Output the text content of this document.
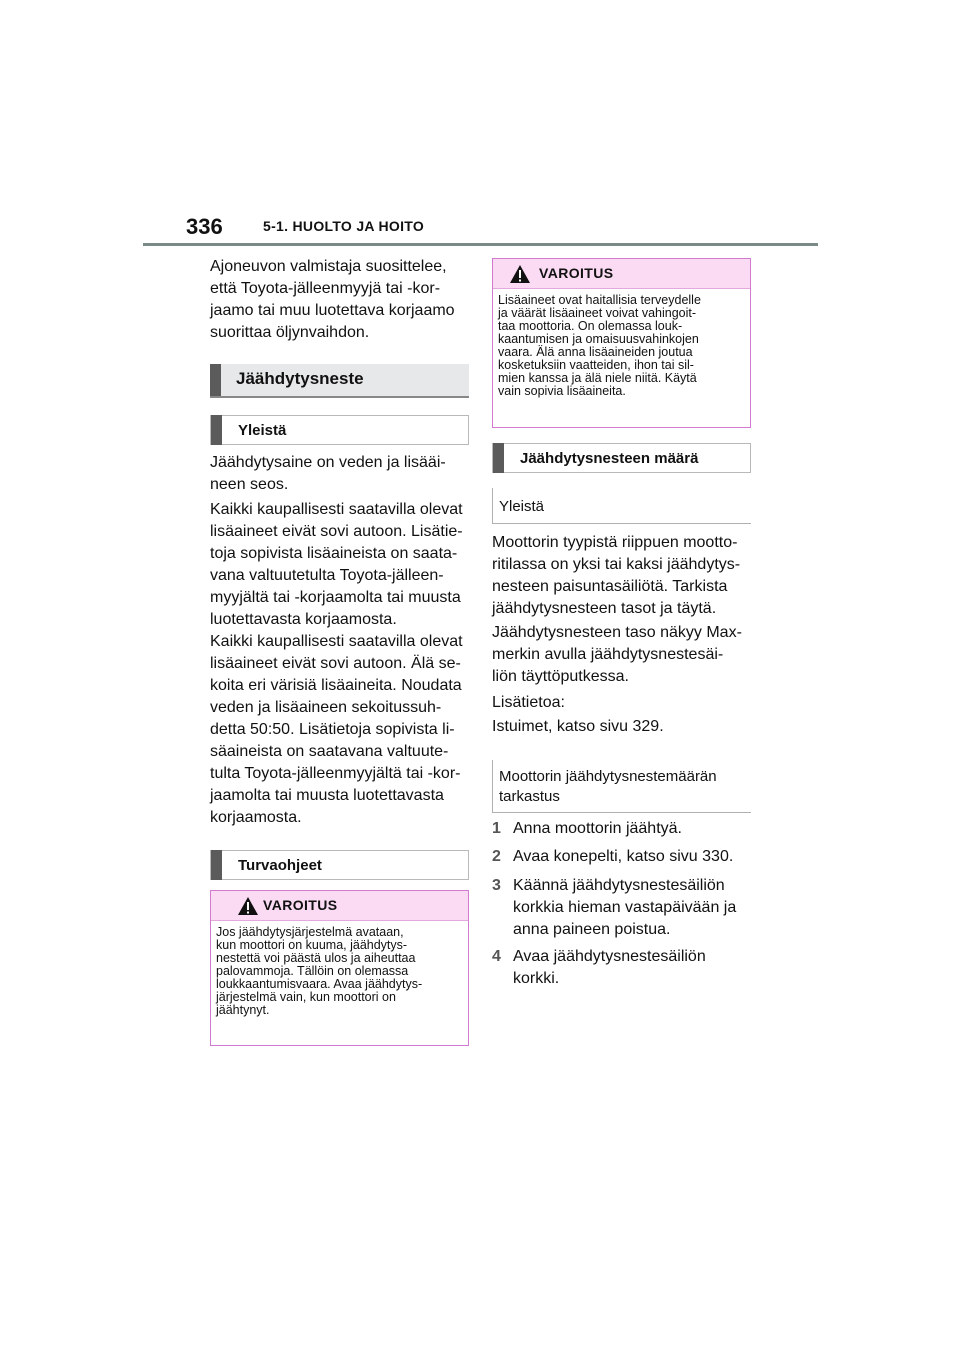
336	5-1. HUOLTO JA HOITO
Ajoneuvon valmistaja suosittelee,
että Toyota-jälleenmyyjä tai -kor-
jaamo tai muu luotettava korjaamo
suorittaa öljynvaihdon.
Jäähdytysneste
Yleistä
Jäähdytysaine on veden ja lisääi-
neen seos.
Kaikki kaupallisesti saatavilla olevat
lisäaineet eivät sovi autoon. Lisätie-
toja sopivista lisäaineista on saata-
vana valtuutetulta Toyota-jälleen-
myyjältä tai -korjaamolta tai muusta
luotettavasta korjaamosta.
Kaikki kaupallisesti saatavilla olevat
lisäaineet eivät sovi autoon. Älä se-
koita eri värisiä lisäaineita. Noudata
veden ja lisäaineen sekoitussuh-
detta 50:50. Lisätietoja sopivista li-
säaineista on saatavana valtuute-
tulta Toyota-jälleenmyyjältä tai -kor-
jaamolta tai muusta luotettavasta
korjaamosta.
Turvaohjeet
VAROITUS
Jos jäähdytysjärjestelmä avataan,
kun moottori on kuuma, jäähdytys-
nestettä voi päästä ulos ja aiheuttaa
palovammoja. Tällöin on olemassa
loukkaantumisvaara. Avaa jäähdytys-
järjestelmä vain, kun moottori on
jäähtynyt.
VAROITUS
Lisäaineet ovat haitallisia terveydelle
ja väärät lisäaineet voivat vahingoit-
taa moottoria. On olemassa louk-
kaantumisen ja omaisuusvahinkojen
vaara. Älä anna lisäaineiden joutua
kosketuksiin vaatteiden, ihon tai sil-
mien kanssa ja älä niele niitä. Käytä
vain sopivia lisäaineita.
Jäähdytysnesteen määrä
Yleistä
Moottorin tyypistä riippuen mootto-
ritilassa on yksi tai kaksi jäähdytys-
nesteen paisuntasäiliötä. Tarkista
jäähdytysnesteen tasot ja täytä.
Jäähdytysnesteen taso näkyy Max-
merkin avulla jäähdytysnestesäi-
liön täyttöputkessa.
Lisätietoa:
Istuimet, katso sivu 329.
Moottorin jäähdytysnestemäärän
tarkastus
1 Anna moottorin jäähtyä.
2 Avaa konepelti, katso sivu 330.
3 Käännä jäähdytysnestesäiliön
korkkia hieman vastapäivään ja
anna paineen poistua.
4 Avaa jäähdytysnestesäiliön
korkki.
